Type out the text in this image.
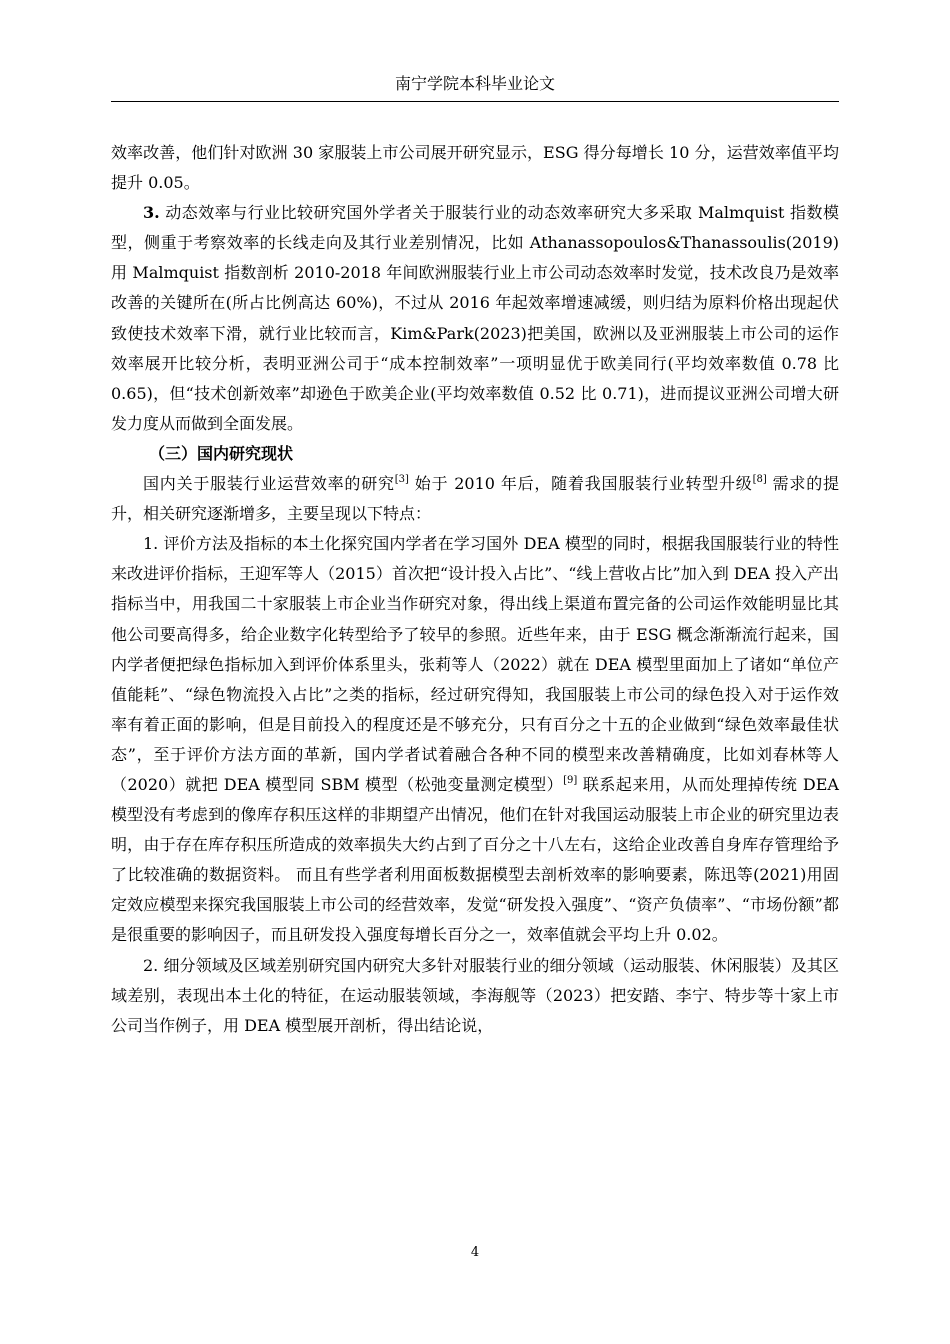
南宁学院本科毕业论文

效率改善，他们针对欧洲 30 家服装上市公司展开研究显示，ESG 得分每增长 10 分，运营效率值平均提升 0.05。

3. 动态效率与行业比较研究国外学者关于服装行业的动态效率研究大多采取 Malmquist 指数模型，侧重于考察效率的长线走向及其行业差别情况，比如 Athanassopoulos&Thanassoulis(2019)用 Malmquist 指数剖析 2010-2018 年间欧洲服装行业上市公司动态效率时发觉，技术改良乃是效率改善的关键所在(所占比例高达 60%)，不过从 2016 年起效率增速减缓，则归结为原料价格出现起伏致使技术效率下滑，就行业比较而言，Kim&Park(2023)把美国，欧洲以及亚洲服装上市公司的运作效率展开比较分析，表明亚洲公司于“成本控制效率”一项明显优于欧美同行(平均效率数值 0.78 比 0.65)，但“技术创新效率”却逊色于欧美企业(平均效率数值 0.52 比 0.71)，进而提议亚洲公司增大研发力度从而做到全面发展。

（三）国内研究现状

国内关于服装行业运营效率的研究[3] 始于 2010 年后，随着我国服装行业转型升级[8] 需求的提升，相关研究逐渐增多，主要呈现以下特点：

1. 评价方法及指标的本土化探究国内学者在学习国外 DEA 模型的同时，根据我国服装行业的特性来改进评价指标，王迎军等人（2015）首次把“设计投入占比”、“线上营收占比”加入到 DEA 投入产出指标当中，用我国二十家服装上市企业当作研究对象，得出线上渠道布置完备的公司运作效能明显比其他公司要高得多，给企业数字化转型给予了较早的参照。近些年来，由于 ESG 概念渐渐流行起来，国内学者便把绿色指标加入到评价体系里头，张莉等人（2022）就在 DEA 模型里面加上了诸如“单位产值能耗”、“绿色物流投入占比”之类的指标，经过研究得知，我国服装上市公司的绿色投入对于运作效率有着正面的影响，但是目前投入的程度还是不够充分，只有百分之十五的企业做到“绿色效率最佳状态”，至于评价方法方面的革新，国内学者试着融合各种不同的模型来改善精确度，比如刘春林等人（2020）就把 DEA 模型同 SBM 模型（松弛变量测定模型）[9] 联系起来用，从而处理掉传统 DEA 模型没有考虑到的像库存积压这样的非期望产出情况，他们在针对我国运动服装上市企业的研究里边表明，由于存在库存积压所造成的效率损失大约占到了百分之十八左右，这给企业改善自身库存管理给予了比较准确的数据资料。 而且有些学者利用面板数据模型去剖析效率的影响要素，陈迅等(2021)用固定效应模型来探究我国服装上市公司的经营效率，发觉“研发投入强度”、“资产负债率”、“市场份额”都是很重要的影响因子，而且研发投入强度每增长百分之一，效率值就会平均上升 0.02。

2. 细分领域及区域差别研究国内研究大多针对服装行业的细分领域（运动服装、休闲服装）及其区域差别，表现出本土化的特征，在运动服装领域，李海舰等（2023）把安踏、李宁、特步等十家上市公司当作例子，用 DEA 模型展开剖析，得出结论说，

4
